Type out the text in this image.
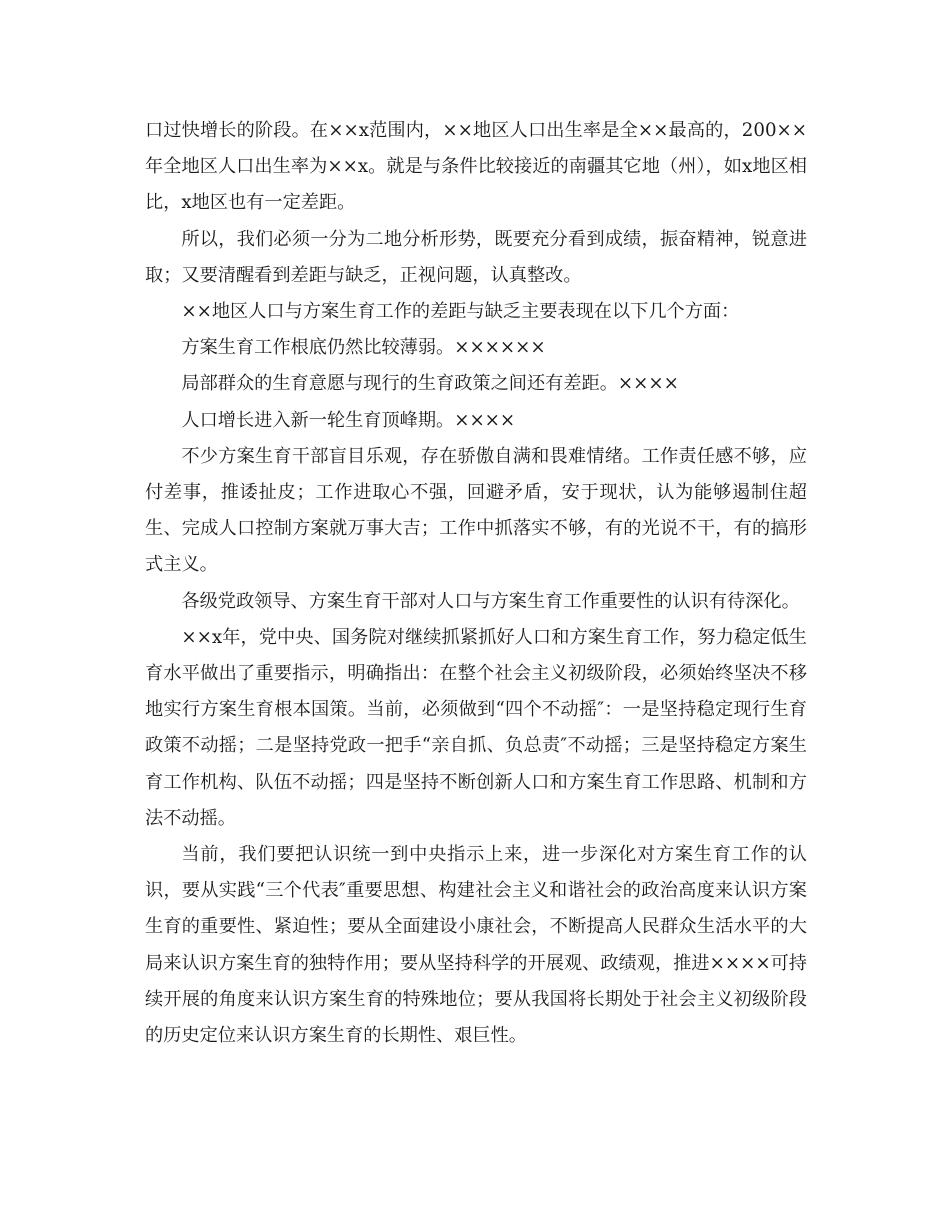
口过快增长的阶段。在××x范围内，××地区人口出生率是全××最高的，200××年全地区人口出生率为××x。就是与条件比较接近的南疆其它地（州），如x地区相比，x地区也有一定差距。

所以，我们必须一分为二地分析形势，既要充分看到成绩，振奋精神，锐意进取；又要清醒看到差距与缺乏，正视问题，认真整改。

××地区人口与方案生育工作的差距与缺乏主要表现在以下几个方面：

方案生育工作根底仍然比较薄弱。××××××

局部群众的生育意愿与现行的生育政策之间还有差距。××××

人口增长进入新一轮生育顶峰期。××××

不少方案生育干部盲目乐观，存在骄傲自满和畏难情绪。工作责任感不够，应付差事，推诿扯皮；工作进取心不强，回避矛盾，安于现状，认为能够遏制住超生、完成人口控制方案就万事大吉；工作中抓落实不够，有的光说不干，有的搞形式主义。

各级党政领导、方案生育干部对人口与方案生育工作重要性的认识有待深化。

××x年，党中央、国务院对继续抓紧抓好人口和方案生育工作，努力稳定低生育水平做出了重要指示，明确指出：在整个社会主义初级阶段，必须始终坚决不移地实行方案生育根本国策。当前，必须做到“四个不动摇″：一是坚持稳定现行生育政策不动摇；二是坚持党政一把手“亲自抓、负总责″不动摇；三是坚持稳定方案生育工作机构、队伍不动摇；四是坚持不断创新人口和方案生育工作思路、机制和方法不动摇。

当前，我们要把认识统一到中央指示上来，进一步深化对方案生育工作的认识，要从实践“三个代表″重要思想、构建社会主义和谐社会的政治高度来认识方案生育的重要性、紧迫性；要从全面建设小康社会，不断提高人民群众生活水平的大局来认识方案生育的独特作用；要从坚持科学的开展观、政绩观，推进××××可持续开展的角度来认识方案生育的特殊地位；要从我国将长期处于社会主义初级阶段的历史定位来认识方案生育的长期性、艰巨性。
